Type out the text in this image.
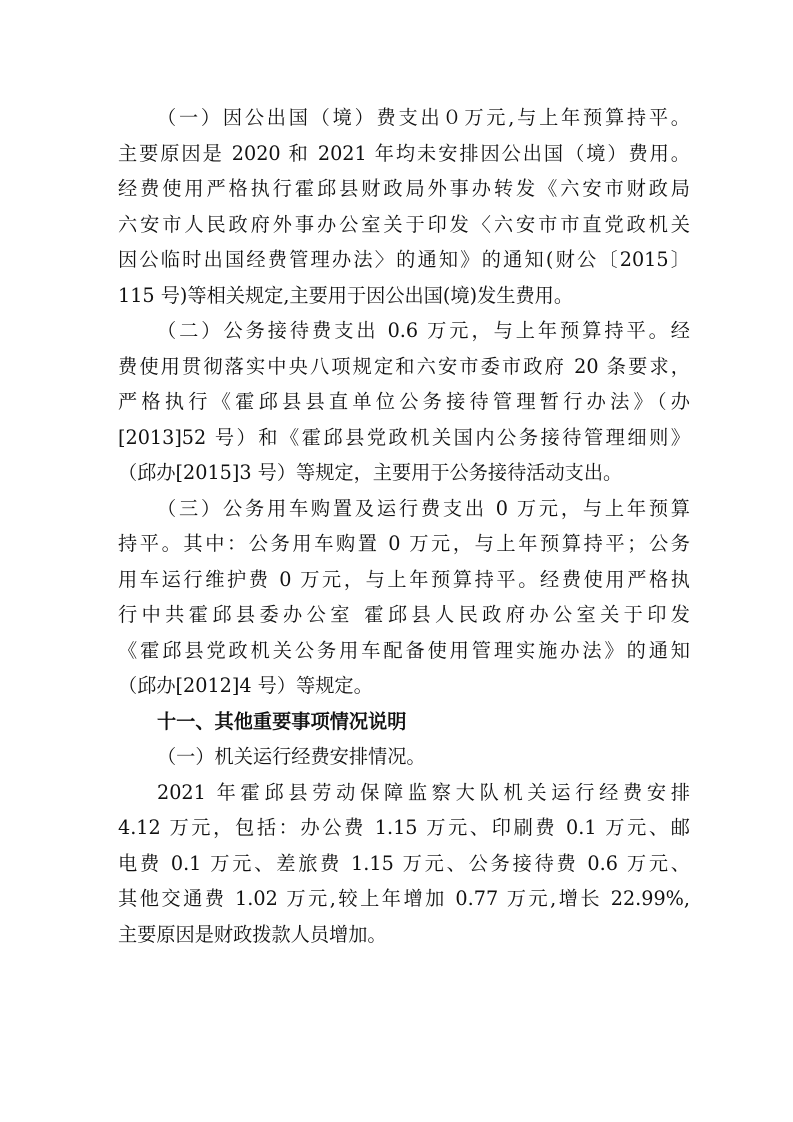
（一）因公出国（境）费支出０万元,与上年预算持平。
主要原因是 2020 和 2021 年均未安排因公出国（境）费用。
经费使用严格执行霍邱县财政局外事办转发《六安市财政局
六安市人民政府外事办公室关于印发〈六安市市直党政机关
因公临时出国经费管理办法〉的通知》的通知(财公〔2015〕
115 号)等相关规定,主要用于因公出国(境)发生费用。
（二）公务接待费支出 0.6 万元，与上年预算持平。经
费使用贯彻落实中央八项规定和六安市委市政府 20 条要求，
严格执行《霍邱县县直单位公务接待管理暂行办法》（办
[2013]52 号）和《霍邱县党政机关国内公务接待管理细则》
（邱办[2015]3 号）等规定，主要用于公务接待活动支出。
（三）公务用车购置及运行费支出 0 万元，与上年预算
持平。其中：公务用车购置 0 万元，与上年预算持平；公务
用车运行维护费 0 万元，与上年预算持平。经费使用严格执
行中共霍邱县委办公室 霍邱县人民政府办公室关于印发
《霍邱县党政机关公务用车配备使用管理实施办法》的通知
（邱办[2012]4 号）等规定。
十一、其他重要事项情况说明
（一）机关运行经费安排情况。
2021 年霍邱县劳动保障监察大队机关运行经费安排
4.12 万元，包括：办公费 1.15 万元、印刷费 0.1 万元、邮
电费 0.1 万元、差旅费 1.15 万元、公务接待费 0.6 万元、
其他交通费 1.02 万元,较上年增加 0.77 万元,增长 22.99%,
主要原因是财政拨款人员增加。
